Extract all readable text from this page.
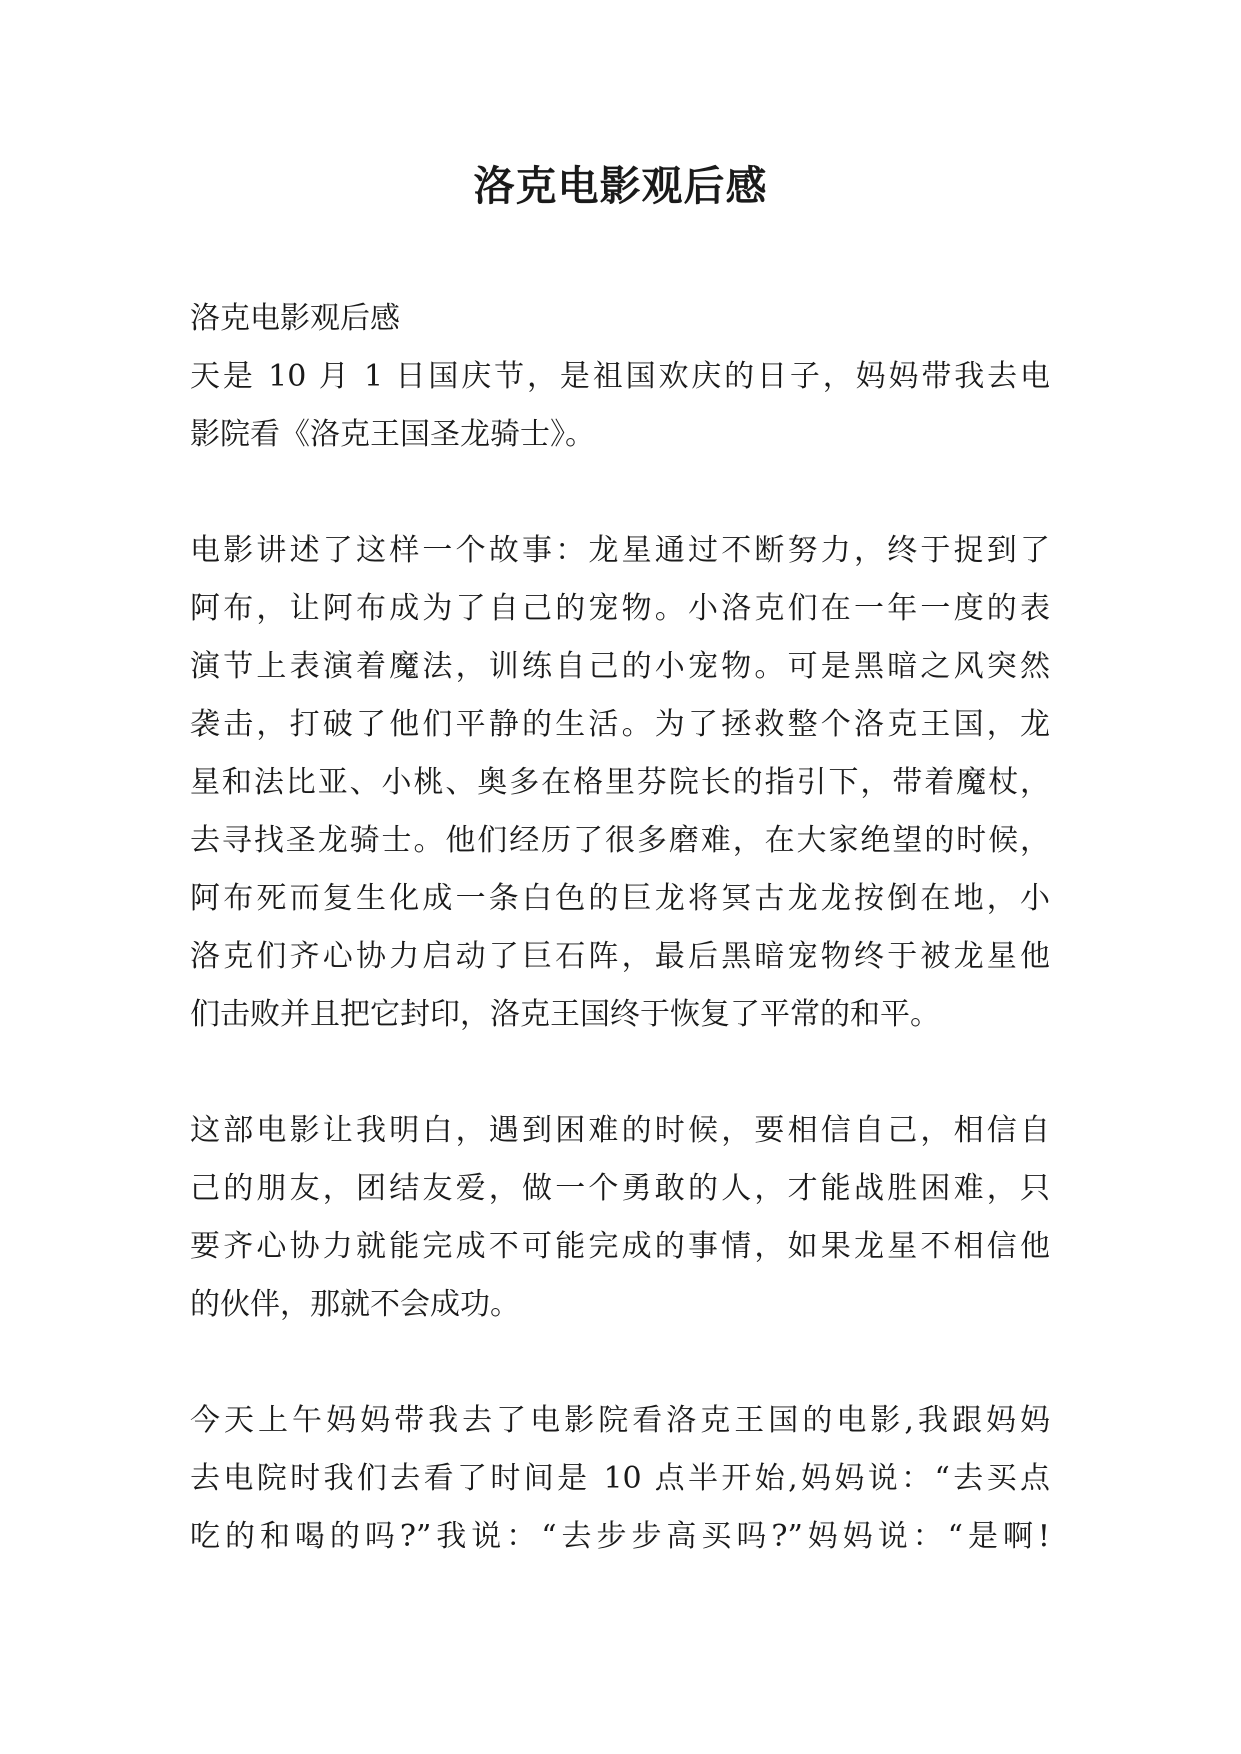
洛克电影观后感
洛克电影观后感
天是 10 月 1 日国庆节，是祖国欢庆的日子，妈妈带我去电
影院看《洛克王国圣龙骑士》。
电影讲述了这样一个故事：龙星通过不断努力，终于捉到了
阿布，让阿布成为了自己的宠物。小洛克们在一年一度的表
演节上表演着魔法，训练自己的小宠物。可是黑暗之风突然
袭击，打破了他们平静的生活。为了拯救整个洛克王国，龙
星和法比亚、小桃、奥多在格里芬院长的指引下，带着魔杖，
去寻找圣龙骑士。他们经历了很多磨难，在大家绝望的时候，
阿布死而复生化成一条白色的巨龙将冥古龙龙按倒在地，小
洛克们齐心协力启动了巨石阵，最后黑暗宠物终于被龙星他
们击败并且把它封印，洛克王国终于恢复了平常的和平。
这部电影让我明白，遇到困难的时候，要相信自己，相信自
己的朋友，团结友爱，做一个勇敢的人，才能战胜困难，只
要齐心协力就能完成不可能完成的事情，如果龙星不相信他
的伙伴，那就不会成功。
今天上午妈妈带我去了电影院看洛克王国的电影,我跟妈妈
去电院时我们去看了时间是 10 点半开始,妈妈说：“去买点
吃的和喝的吗?”我说：“去步步高买吗?”妈妈说：“是啊!
